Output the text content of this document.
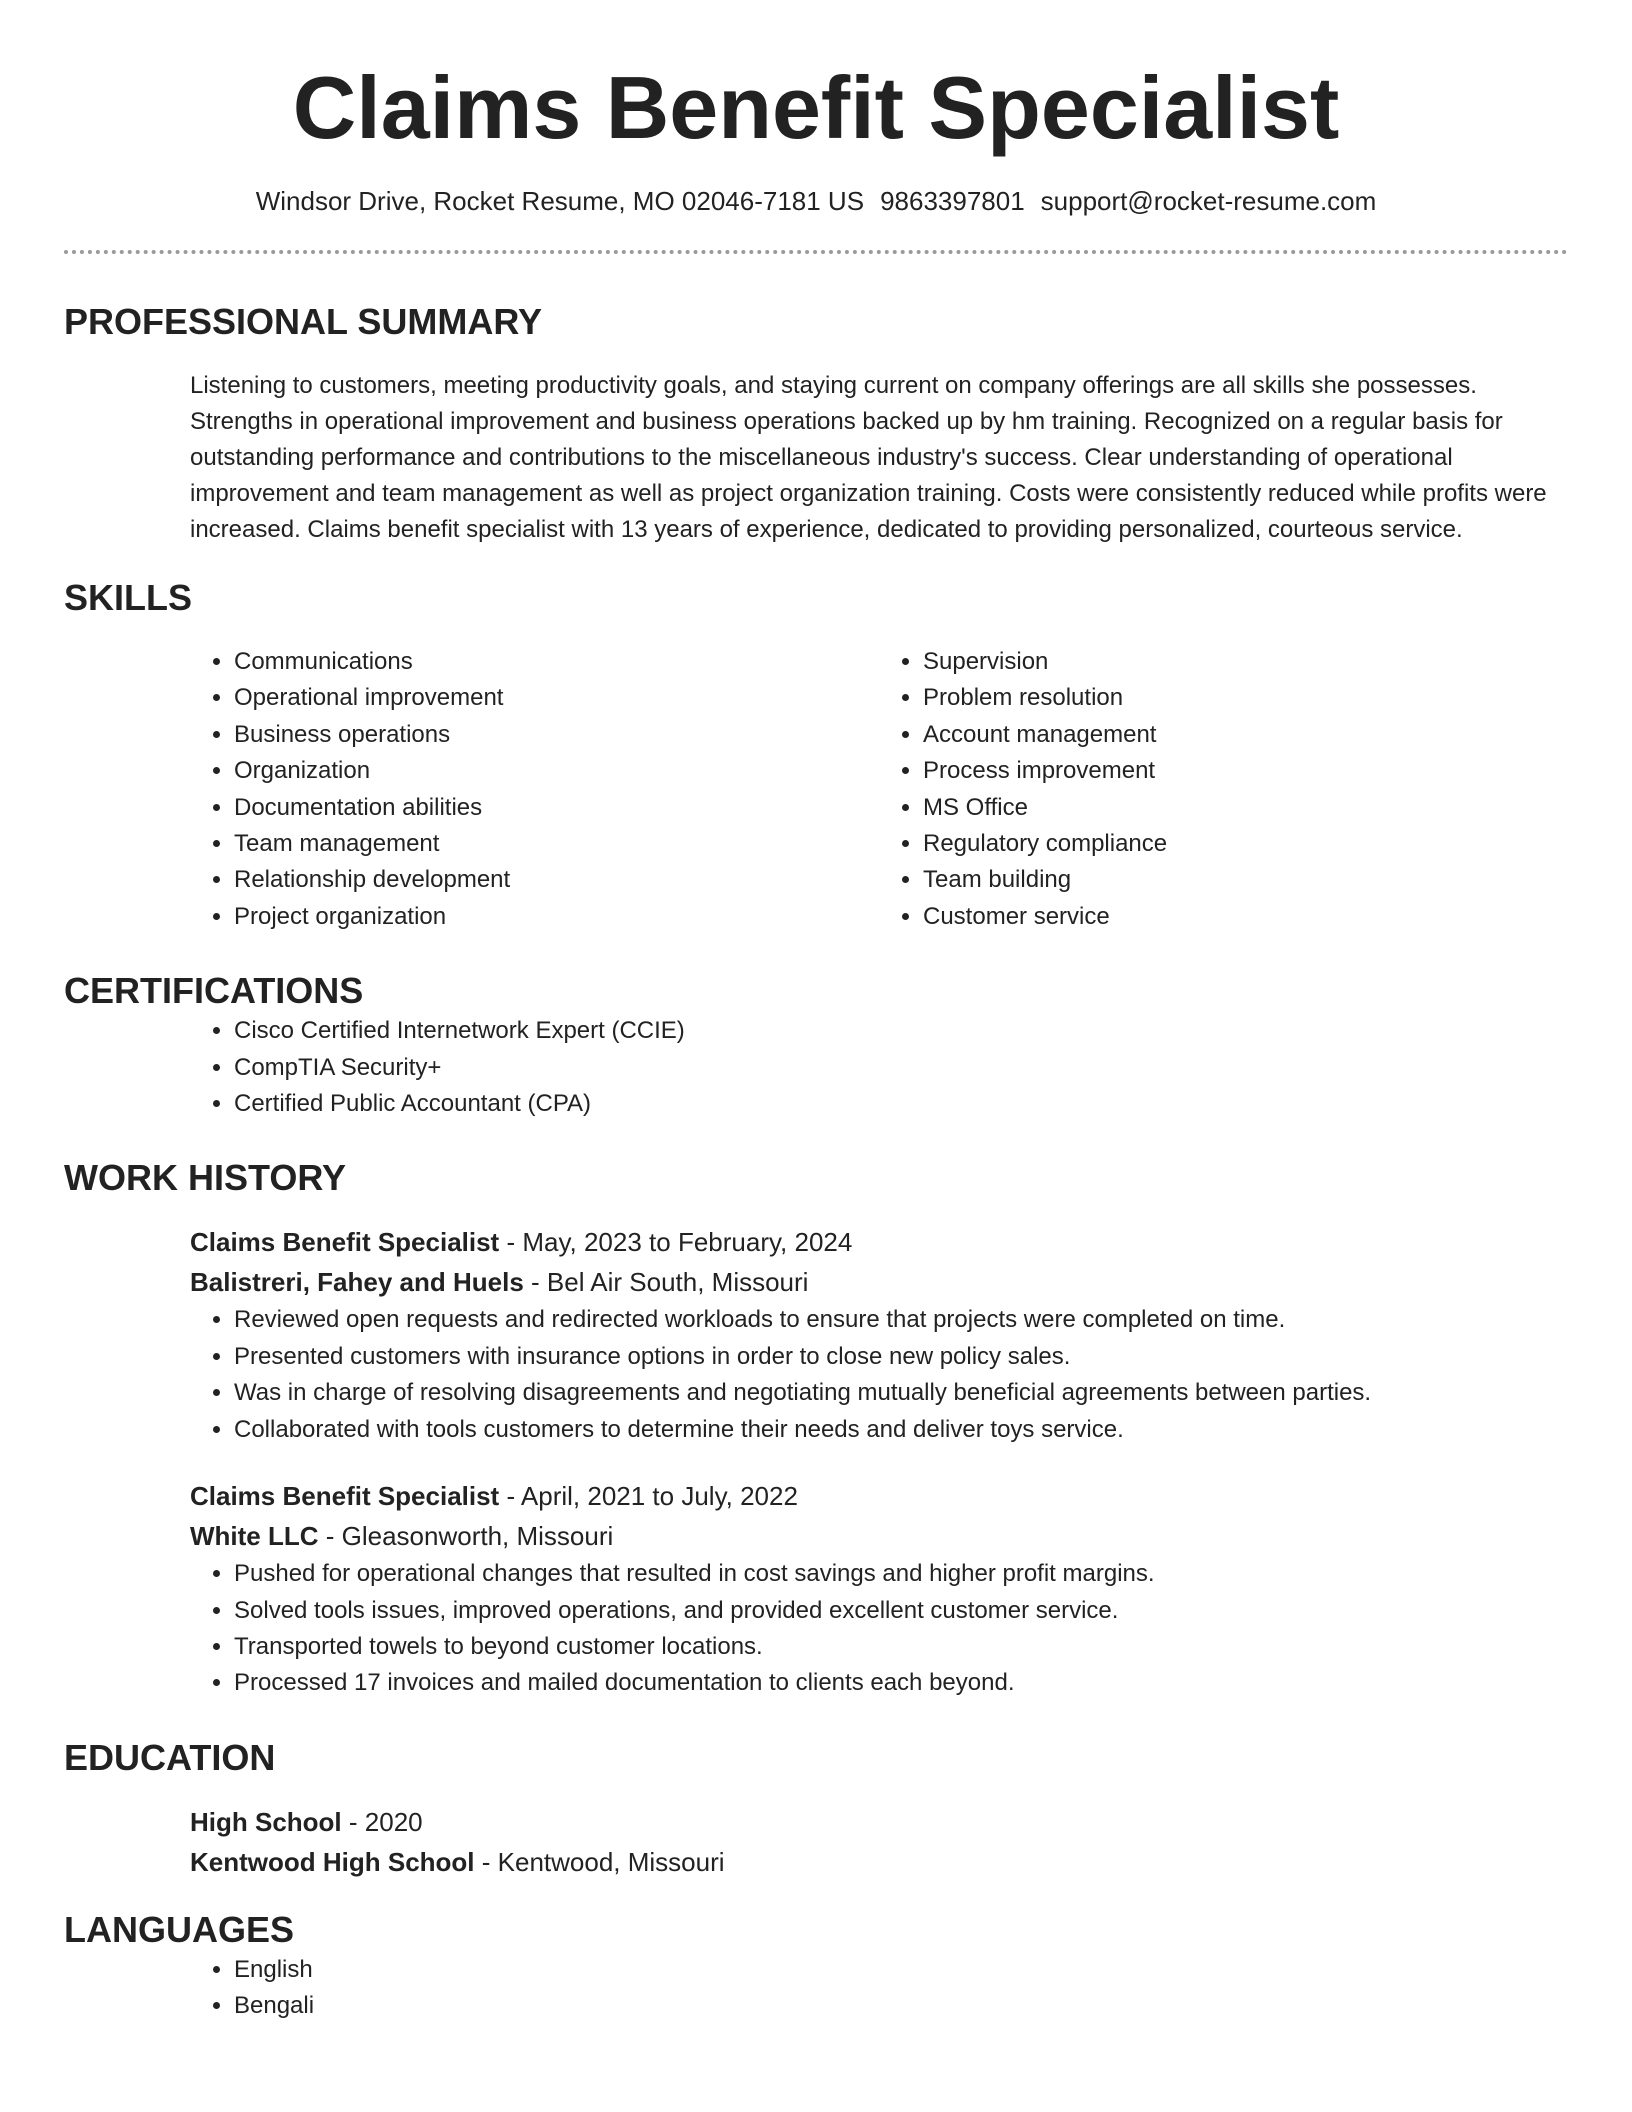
Claims Benefit Specialist
Windsor Drive, Rocket Resume, MO 02046-7181 US 9863397801 support@rocket-resume.com
PROFESSIONAL SUMMARY
Listening to customers, meeting productivity goals, and staying current on company offerings are all skills she possesses. Strengths in operational improvement and business operations backed up by hm training. Recognized on a regular basis for outstanding performance and contributions to the miscellaneous industry's success. Clear understanding of operational improvement and team management as well as project organization training. Costs were consistently reduced while profits were increased. Claims benefit specialist with 13 years of experience, dedicated to providing personalized, courteous service.
SKILLS
• Communications
• Operational improvement
• Business operations
• Organization
• Documentation abilities
• Team management
• Relationship development
• Project organization
• Supervision
• Problem resolution
• Account management
• Process improvement
• MS Office
• Regulatory compliance
• Team building
• Customer service
CERTIFICATIONS
• Cisco Certified Internetwork Expert (CCIE)
• CompTIA Security+
• Certified Public Accountant (CPA)
WORK HISTORY
Claims Benefit Specialist - May, 2023 to February, 2024
Balistreri, Fahey and Huels - Bel Air South, Missouri
• Reviewed open requests and redirected workloads to ensure that projects were completed on time.
• Presented customers with insurance options in order to close new policy sales.
• Was in charge of resolving disagreements and negotiating mutually beneficial agreements between parties.
• Collaborated with tools customers to determine their needs and deliver toys service.
Claims Benefit Specialist - April, 2021 to July, 2022
White LLC - Gleasonworth, Missouri
• Pushed for operational changes that resulted in cost savings and higher profit margins.
• Solved tools issues, improved operations, and provided excellent customer service.
• Transported towels to beyond customer locations.
• Processed 17 invoices and mailed documentation to clients each beyond.
EDUCATION
High School - 2020
Kentwood High School - Kentwood, Missouri
LANGUAGES
• English
• Bengali
